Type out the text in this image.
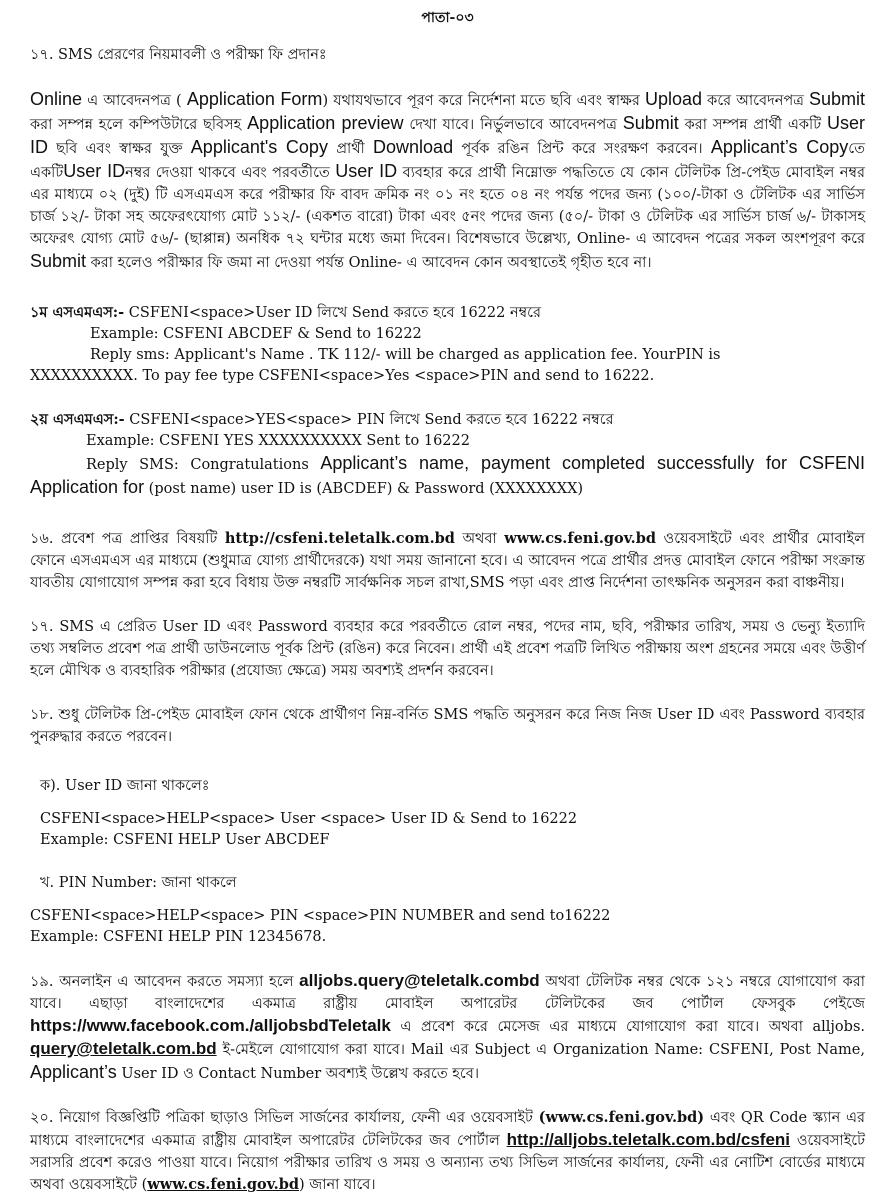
পাতা-০৩

১৭. SMS প্রেরণের নিয়মাবলী ও পরীক্ষা ফি প্রদানঃ

Online এ আবেদনপত্র ( Application Form) যথাযথভাবে পূরণ করে নির্দেশনা মতে ছবি এবং স্বাক্ষর Upload করে আবেদনপত্র Submit করা সম্পন্ন হলে কম্পিউটারে ছবিসহ Application preview দেখা যাবে। নির্ভুলভাবে আবেদনপত্র Submit করা সম্পন্ন প্রার্থী একটি User ID ছবি এবং স্বাক্ষর যুক্ত Applicant's Copy প্রার্থী Download পূর্বক রঙিন প্রিন্ট করে সংরক্ষণ করবেন। Applicant’s Copyতে একটিUser IDনম্বর দেওয়া থাকবে এবং পরবর্তীতে User ID ব্যবহার করে প্রার্থী নিম্নোক্ত পদ্ধতিতে যে কোন টেলিটক প্রি-পেইড মোবাইল নম্বর এর মাধ্যমে ০২ (দুই) টি এসএমএস করে পরীক্ষার ফি বাবদ ক্রমিক নং ০১ নং হতে ০৪ নং পর্যন্ত পদের জন্য (১০০/-টাকা ও টেলিটক এর সার্ভিস চার্জ ১২/- টাকা সহ অফেরৎযোগ্য মোট ১১২/- (একশত বারো) টাকা এবং ৫নং পদের জন্য (৫০/- টাকা ও টেলিটক এর সার্ভিস চার্জ ৬/- টাকাসহ অফেরৎ যোগ্য মোট ৫৬/- (ছাপ্পান্ন) অনধিক ৭২ ঘন্টার মধ্যে জমা দিবেন। বিশেষভাবে উল্লেখ্য, Online- এ আবেদন পত্রের সকল অংশপূরণ করে Submit করা হলেও পরীক্ষার ফি জমা না দেওয়া পর্যন্ত Online- এ আবেদন কোন অবস্থাতেই গৃহীত হবে না।

১ম এসএমএস:- CSFENI<space>User ID লিখে Send করতে হবে 16222 নম্বরে

Example: CSFENI ABCDEF & Send to 16222

Reply sms: Applicant's Name . TK 112/- will be charged as application fee. YourPIN is

XXXXXXXXXX. To pay fee type CSFENI<space>Yes <space>PIN and send to 16222.

২য় এসএমএস:- CSFENI<space>YES<space> PIN লিখে Send করতে হবে 16222 নম্বরে

Example: CSFENI YES XXXXXXXXXX Sent to 16222

Reply SMS: Congratulations Applicant’s name, payment completed successfully for CSFENI Application for (post name) user ID is (ABCDEF) & Password (XXXXXXXX)

১৬. প্রবেশ পত্র প্রাপ্তির বিষয়টি http://csfeni.teletalk.com.bd অথবা www.cs.feni.gov.bd ওয়েবসাইটে এবং প্রার্থীর মোবাইল ফোনে এসএমএস এর মাধ্যমে (শুধুমাত্র যোগ্য প্রার্থীদেরকে) যথা সময় জানানো হবে। এ আবেদন পত্রে প্রার্থীর প্রদত্ত মোবাইল ফোনে পরীক্ষা সংক্রান্ত যাবতীয় যোগাযোগ সম্পন্ন করা হবে বিধায় উক্ত নম্বরটি সার্বক্ষনিক সচল রাখা,SMS পড়া এবং প্রাপ্ত নির্দেশনা তাৎক্ষনিক অনুসরন করা বাঞ্চনীয়।

১৭. SMS এ প্রেরিত User ID এবং Password ব্যবহার করে পরবর্তীতে রোল নম্বর, পদের নাম, ছবি, পরীক্ষার তারিখ, সময় ও ভেন্যু ইত্যাদি তথ্য সম্বলিত প্রবেশ পত্র প্রার্থী ডাউনলোড পূর্বক প্রিন্ট (রঙিন) করে নিবেন। প্রার্থী এই প্রবেশ পত্রটি লিখিত পরীক্ষায় অংশ গ্রহনের সময়ে এবং উত্তীর্ণ হলে মৌখিক ও ব্যবহারিক পরীক্ষার (প্রযোজ্য ক্ষেত্রে) সময় অবশ্যই প্রদর্শন করবেন।

১৮. শুধু টেলিটক প্রি-পেইড মোবাইল ফোন থেকে প্রার্থীগণ নিম্ন-বর্নিত SMS পদ্ধতি অনুসরন করে নিজ নিজ User ID এবং Password ব্যবহার পুনরুদ্ধার করতে পরবেন।

ক). User ID জানা থাকলেঃ

CSFENI<space>HELP<space> User <space> User ID & Send to 16222

Example: CSFENI HELP User ABCDEF

খ. PIN Number: জানা থাকলে

CSFENI<space>HELP<space> PIN <space>PIN NUMBER and send to16222

Example: CSFENI HELP PIN 12345678.

১৯. অনলাইন এ আবেদন করতে সমস্যা হলে alljobs.query@teletalk.combd অথবা টেলিটক নম্বর থেকে ১২১ নম্বরে যোগাযোগ করা যাবে। এছাড়া বাংলাদেশের একমাত্র রাষ্ট্রীয় মোবাইল অপারেটর টেলিটকের জব পোর্টাল ফেসবুক পেইজে https://www.facebook.com./alljobsbdTeletalk এ প্রবেশ করে মেসেজ এর মাধ্যমে যোগাযোগ করা যাবে। অথবা alljobs. query@teletalk.com.bd ই-মেইলে যোগাযোগ করা যাবে। Mail এর Subject এ Organization Name: CSFENI, Post Name, Applicant’s User ID ও Contact Number অবশ্যই উল্লেখ করতে হবে।

২০. নিয়োগ বিজ্ঞপ্তিটি পত্রিকা ছাড়াও সিভিল সার্জনের কার্যালয়, ফেনী এর ওয়েবসাইট (www.cs.feni.gov.bd) এবং QR Code স্ক্যান এর মাধ্যমে বাংলাদেশের একমাত্র রাষ্ট্রীয় মোবাইল অপারেটর টেলিটকের জব পোর্টাল http://alljobs.teletalk.com.bd/csfeni ওয়েবসাইটে সরাসরি প্রবেশ করেও পাওয়া যাবে। নিয়োগ পরীক্ষার তারিখ ও সময় ও অন্যান্য তথ্য সিভিল সার্জনের কার্যালয়, ফেনী এর নোটিশ বোর্ডের মাধ্যমে অথবা ওয়েবসাইটে (www.cs.feni.gov.bd) জানা যাবে।
